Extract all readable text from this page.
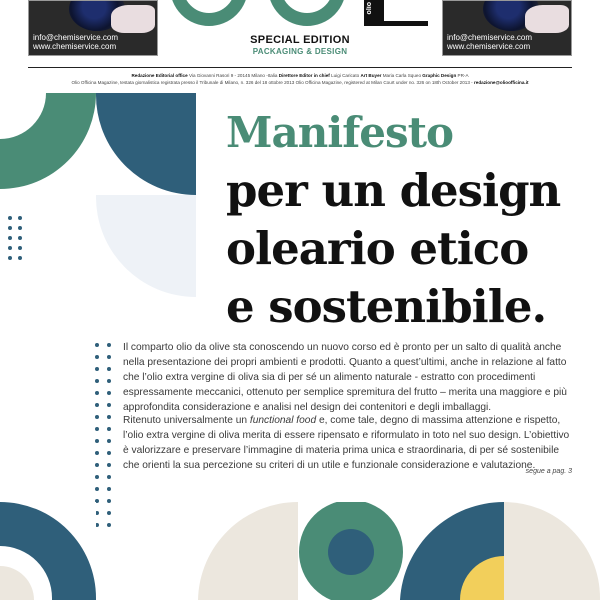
info@chemiservice.com
www.chemiservice.com
olio
info@chemiservice.com
www.chemiservice.com
SPECIAL EDITION
PACKAGING & DESIGN
Redazione Editorial office Via Giovanni Rasori 9 - 20145 Milano -Italia Direttore Editor in chief Luigi Caricato Art Buyer Maria Carla Squeo Graphic Design PR-A
Olio Officina Magazine, testata giornalistica registrata presso il Tribunale di Milano, n. 326 del 18 ottobre 2013 Olio Officina Magazine, registered at Milan Court under no. 326 on 18th October 2013 - redazione@olioofficina.it
Manifesto
per un design
oleario etico
e sostenibile.
Il comparto olio da olive sta conoscendo un nuovo corso ed è pronto per un salto di qualità anche nella presentazione dei propri ambienti e prodotti. Quanto a quest’ultimi, anche in relazione al fatto che l’olio extra vergine di oliva sia di per sé un alimento naturale - estratto con procedimenti espressamente meccanici, ottenuto per semplice spremitura del frutto – merita una maggiore e più approfondita considerazione e analisi nel design dei contenitori e degli imballaggi.
Ritenuto universalmente un functional food e, come tale, degno di massima attenzione e rispetto, l’olio extra vergine di oliva merita di essere ripensato e riformulato in toto nel suo design. L’obiettivo è valorizzare e preservare l’immagine di materia prima unica e straordinaria, di per sé sostenibile che orienti la sua percezione su criteri di un utile e funzionale considerazione e valutazione.
segue a pag. 3
